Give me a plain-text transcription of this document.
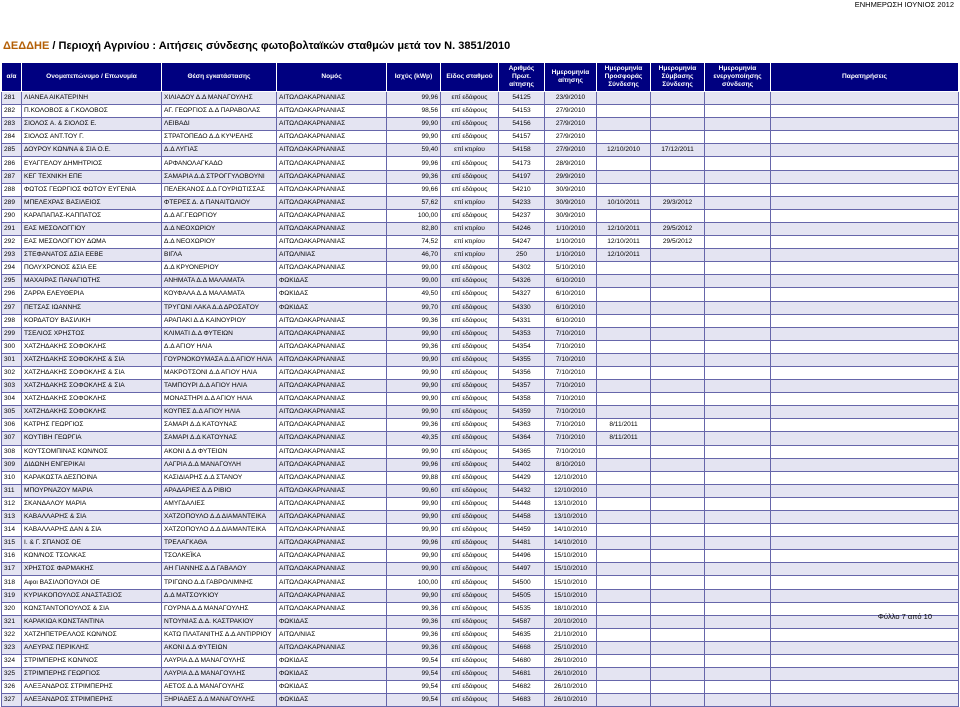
ΕΝΗΜΕΡΩΣΗ ΙΟΥΝΙΟΣ 2012
ΔΕΔΔΗΕ / Περιοχή Αγρινίου : Αιτήσεις σύνδεσης φωτοβολταϊκών σταθμών μετά τον Ν. 3851/2010
α/α	Ονοματεπώνυμο / Επωνυμία	Θέση εγκατάστασης	Νομός	Ισχύς (kWp)	Είδος σταθμού	Αριθμός Πρωτ. αίτησης	Ημερομηνία αίτησης	Ημερομηνία Προσφοράς Σύνδεσης	Ημερομηνία Σύμβασης Σύνδεσης	Ημερομηνία ενεργοποίησης σύνδεσης	Παρατηρήσεις
281	ΛΙΑΝΕΑ ΑΙΚΑΤΕΡΙΝΗ	ΧΙΛΙΑΔΟΥ Δ.Δ ΜΑΝΑΓΟΥΛΗΣ	ΑΙΤΩΛΟΑΚΑΡΝΑΝΙΑΣ	99,96	επί εδάφους	54125	23/9/2010				
282	Π.ΚΟΛΟΒΟΣ & Γ.ΚΟΛΟΒΟΣ	ΑΓ. ΓΕΩΡΓΙΟΣ Δ.Δ ΠΑΡΑΒΟΛΑΣ	ΑΙΤΩΛΟΑΚΑΡΝΑΝΙΑΣ	98,56	επί εδάφους	54153	27/9/2010				
283	ΣΙΟΛΟΣ Α. & ΣΙΟΛΟΣ Ε.	ΛΕΙΒΑΔΙ	ΑΙΤΩΛΟΑΚΑΡΝΑΝΙΑΣ	99,90	επί εδάφους	54156	27/9/2010				
284	ΣΙΟΛΟΣ ΑΝΤ.ΤΟΥ Γ.	ΣΤΡΑΤΟΠΕΔΟ Δ.Δ ΚΥΨΕΛΗΣ	ΑΙΤΩΛΟΑΚΑΡΝΑΝΙΑΣ	99,90	επί εδάφους	54157	27/9/2010				
285	ΔΟΥΡΟΥ ΚΩΝ/ΝΑ & ΣΙΑ Ο.Ε.	Δ.Δ ΛΥΓΙΑΣ	ΑΙΤΩΛΟΑΚΑΡΝΑΝΙΑΣ	59,40	επί κτιρίου	54158	27/9/2010	12/10/2010	17/12/2011		
286	ΕΥΑΓΓΕΛΟΥ ΔΗΜΗΤΡΙΟΣ	ΑΡΦΑΝΟΛΑΓΚΑΔΟ	ΑΙΤΩΛΟΑΚΑΡΝΑΝΙΑΣ	99,96	επί εδάφους	54173	28/9/2010				
287	ΚΕΓ ΤΕΧΝΙΚΗ ΕΠΕ	ΣΑΜΑΡΙΑ Δ.Δ ΣΤΡΟΓΓΥΛΟΒΟΥΝΙ	ΑΙΤΩΛΟΑΚΑΡΝΑΝΙΑΣ	99,36	επί εδάφους	54197	29/9/2010				
288	ΦΩΤΟΣ ΓΕΩΡΓΙΟΣ ΦΩΤΟΥ ΕΥΓΕΝΙΑ	ΠΕΛΕΚΑΝΟΣ Δ.Δ ΓΟΥΡΙΩΤΙΣΣΑΣ	ΑΙΤΩΛΟΑΚΑΡΝΑΝΙΑΣ	99,66	επί εδάφους	54210	30/9/2010				
289	ΜΠΕΛΕΧΡΑΣ ΒΑΣΙΛΕΙΟΣ	ΦΤΕΡΕΣ Δ. Δ ΠΑΝΑΙΤΩΛΙΟΥ	ΑΙΤΩΛΟΑΚΑΡΝΑΝΙΑΣ	57,62	επί κτιρίου	54233	30/9/2010	10/10/2011	29/3/2012		
290	ΚΑΡΑΠΑΠΑΣ-ΚΑΠΠΑΤΟΣ	Δ.Δ ΑΓ.ΓΕΩΡΓΙΟΥ	ΑΙΤΩΛΟΑΚΑΡΝΑΝΙΑΣ	100,00	επί εδάφους	54237	30/9/2010				
291	ΕΑΣ ΜΕΣΟΛΟΓΓΙΟΥ	Δ.Δ ΝΕΟΧΩΡΙΟΥ	ΑΙΤΩΛΟΑΚΑΡΝΑΝΙΑΣ	82,80	επί κτιρίου	54246	1/10/2010	12/10/2011	29/5/2012		
292	ΕΑΣ ΜΕΣΟΛΟΓΓΙΟΥ ΔΩΜΑ	Δ.Δ ΝΕΟΧΩΡΙΟΥ	ΑΙΤΩΛΟΑΚΑΡΝΑΝΙΑΣ	74,52	επί κτιρίου	54247	1/10/2010	12/10/2011	29/5/2012		
293	ΣΤΕΦΑΝΑΤΟΣ ΔΣΙΑ ΕΕΒΕ	ΒΙΓΛΑ	ΑΙΤΩΛ/ΝΙΑΣ	46,70	επί κτιρίου	250	1/10/2010	12/10/2011			
294	ΠΟΛΥΧΡΟΝΟΣ &ΣΙΑ ΕΕ	Δ.Δ ΚΡΥΟΝΕΡΙΟΥ	ΑΙΤΩΛΟΑΚΑΡΝΑΝΙΑΣ	99,00	επί εδάφους	54302	5/10/2010				
295	ΜΑΧΑΙΡΑΣ ΠΑΝΑΓΙΩΤΗΣ	ΑΝΗΜΑΤΑ Δ.Δ ΜΑΛΑΜΑΤΑ	ΦΩΚΙΔΑΣ	99,00	επί εδάφους	54326	6/10/2010				
296	ΖΑΡΡΑ ΕΛΕΥΘΕΡΙΑ	ΚΟΥΦΑΛΑ Δ.Δ ΜΑΛΑΜΑΤΑ	ΦΩΚΙΔΑΣ	49,50	επί εδάφους	54327	6/10/2010				
297	ΠΕΤΣΑΣ ΙΩΑΝΝΗΣ	ΤΡΥΓΩΝΙ ΛΑΚΑ Δ.Δ ΔΡΟΣΑΤΟΥ	ΦΩΚΙΔΑΣ	99,70	επί εδάφους	54330	6/10/2010				
298	ΚΟΡΔΑΤΟΥ ΒΑΣΙΛΙΚΗ	ΑΡΑΠΑΚΙ Δ.Δ ΚΑΙΝΟΥΡΙΟΥ	ΑΙΤΩΛΟΑΚΑΡΝΑΝΙΑΣ	99,36	επί εδάφους	54331	6/10/2010				
299	ΤΣΕΛΙΟΣ ΧΡΗΣΤΟΣ	ΚΛΙΜΑΤΙ Δ.Δ ΦΥΤΕΙΩΝ	ΑΙΤΩΛΟΑΚΑΡΝΑΝΙΑΣ	99,90	επί εδάφους	54353	7/10/2010				
300	ΧΑΤΖΗΔΑΚΗΣ ΣΟΦΟΚΛΗΣ	Δ.Δ ΑΓΙΟΥ ΗΛΙΑ	ΑΙΤΩΛΟΑΚΑΡΝΑΝΙΑΣ	99,36	επί εδάφους	54354	7/10/2010				
301	ΧΑΤΖΗΔΑΚΗΣ ΣΟΦΟΚΛΗΣ & ΣΙΑ	ΓΟΥΡΝΟΚΟΥΜΑΣΑ Δ.Δ ΑΓΙΟΥ ΗΛΙΑ	ΑΙΤΩΛΟΑΚΑΡΝΑΝΙΑΣ	99,90	επί εδάφους	54355	7/10/2010				
302	ΧΑΤΖΗΔΑΚΗΣ ΣΟΦΟΚΛΗΣ & ΣΙΑ	ΜΑΚΡΟΤΣΟΝΙ Δ.Δ ΑΓΙΟΥ ΗΛΙΑ	ΑΙΤΩΛΟΑΚΑΡΝΑΝΙΑΣ	99,90	επί εδάφους	54356	7/10/2010				
303	ΧΑΤΖΗΔΑΚΗΣ ΣΟΦΟΚΛΗΣ & ΣΙΑ	ΤΑΜΠΟΥΡΙ Δ.Δ ΑΓΙΟΥ ΗΛΙΑ	ΑΙΤΩΛΟΑΚΑΡΝΑΝΙΑΣ	99,90	επί εδάφους	54357	7/10/2010				
304	ΧΑΤΖΗΔΑΚΗΣ ΣΟΦΟΚΛΗΣ	ΜΟΝΑΣΤΗΡΙ Δ.Δ ΑΓΙΟΥ ΗΛΙΑ	ΑΙΤΩΛΟΑΚΑΡΝΑΝΙΑΣ	99,90	επί εδάφους	54358	7/10/2010				
305	ΧΑΤΖΗΔΑΚΗΣ ΣΟΦΟΚΛΗΣ	ΚΟΥΠΕΣ Δ.Δ ΑΓΙΟΥ ΗΛΙΑ	ΑΙΤΩΛΟΑΚΑΡΝΑΝΙΑΣ	99,90	επί εδάφους	54359	7/10/2010				
306	ΚΑΤΡΗΣ ΓΕΩΡΓΙΟΣ	ΣΑΜΑΡΙ Δ.Δ ΚΑΤΟΥΝΑΣ	ΑΙΤΩΛΟΑΚΑΡΝΑΝΙΑΣ	99,36	επί εδάφους	54363	7/10/2010	8/11/2011			
307	ΚΟΥΤΙΒΗ ΓΕΩΡΓΙΑ	ΣΑΜΑΡΙ Δ.Δ ΚΑΤΟΥΝΑΣ	ΑΙΤΩΛΟΑΚΑΡΝΑΝΙΑΣ	49,35	επί εδάφους	54364	7/10/2010	8/11/2011			
308	ΚΟΥΤΣΟΜΠΙΝΑΣ ΚΩΝ/ΝΟΣ	ΑΚΟΝΙ Δ.Δ ΦΥΤΕΙΩΝ	ΑΙΤΩΛΟΑΚΑΡΝΑΝΙΑΣ	99,90	επί εδάφους	54365	7/10/2010				
309	ΔΙΔΩΝΗ ΕΝΓΕΡΙΚΑΙ	ΛΑΓΡΙΑ Δ.Δ ΜΑΝΑΓΟΥΛΗ	ΑΙΤΩΛΟΑΚΑΡΝΑΝΙΑΣ	99,96	επί εδάφους	54402	8/10/2010				
310	ΚΑΡΑΚΩΣΤΑ ΔΕΣΠΟΙΝΑ	ΚΑΣΙΔΙΑΡΗΣ Δ.Δ ΣΤΑΝΟΥ	ΑΙΤΩΛΟΑΚΑΡΝΑΝΙΑΣ	99,88	επί εδάφους	54429	12/10/2010				
311	ΜΠΟΥΡΝΑΖΟΥ ΜΑΡΙΑ	ΑΡΑΔΑΡΙΕΣ Δ.Δ ΡΙΒΙΟ	ΑΙΤΩΛΟΑΚΑΡΝΑΝΙΑΣ	99,60	επί εδάφους	54432	12/10/2010				
312	ΣΚΑΝΔΑΛΟΥ ΜΑΡΙΑ	ΑΜΥΓΔΑΛΙΕΣ	ΑΙΤΩΛΟΑΚΑΡΝΑΝΙΑΣ	99,90	επί εδάφους	54448	13/10/2010				
313	ΚΑΒΑΛΛΑΡΗΣ & ΣΙΑ	ΧΑΤΖΟΠΟΥΛΟ Δ.Δ ΔΙΑΜΑΝΤΕΙΚΑ	ΑΙΤΩΛΟΑΚΑΡΝΑΝΙΑΣ	99,90	επί εδάφους	54458	13/10/2010				
314	ΚΑΒΑΛΛΑΡΗΣ ΔΑΝ & ΣΙΑ	ΧΑΤΖΟΠΟΥΛΟ Δ.Δ ΔΙΑΜΑΝΤΕΙΚΑ	ΑΙΤΩΛΟΑΚΑΡΝΑΝΙΑΣ	99,90	επί εδάφους	54459	14/10/2010				
315	Ι. & Γ. ΣΠΑΝΟΣ ΟΕ	ΤΡΕΛΑΓΚΑΘΑ	ΑΙΤΩΛΟΑΚΑΡΝΑΝΙΑΣ	99,96	επί εδάφους	54481	14/10/2010				
316	ΚΩΝ/ΝΟΣ ΤΣΟΛΚΑΣ	ΤΣΟΛΚΕΪΚΑ	ΑΙΤΩΛΟΑΚΑΡΝΑΝΙΑΣ	99,90	επί εδάφους	54496	15/10/2010				
317	ΧΡΗΣΤΟΣ ΦΑΡΜΑΚΗΣ	ΑΗ ΓΙΑΝΝΗΣ Δ.Δ ΓΑΒΑΛΟΥ	ΑΙΤΩΛΟΑΚΑΡΝΑΝΙΑΣ	99,90	επί εδάφους	54497	15/10/2010				
318	Αφοι ΒΑΣΙΛΟΠΟΥΛΟΙ ΟΕ	ΤΡΙΓΩΝΟ Δ.Δ ΓΑΒΡΟΛΙΜΝΗΣ	ΑΙΤΩΛΟΑΚΑΡΝΑΝΙΑΣ	100,00	επί εδάφους	54500	15/10/2010				
319	ΚΥΡΙΑΚΟΠΟΥΛΟΣ ΑΝΑΣΤΑΣΙΟΣ	Δ.Δ ΜΑΤΣΟΥΚΙΟΥ	ΑΙΤΩΛΟΑΚΑΡΝΑΝΙΑΣ	99,90	επί εδάφους	54505	15/10/2010				
320	ΚΩΝΣΤΑΝΤΟΠΟΥΛΟΣ & ΣΙΑ	ΓΟΥΡΝΑ Δ.Δ ΜΑΝΑΓΟΥΛΗΣ	ΑΙΤΩΛΟΑΚΑΡΝΑΝΙΑΣ	99,36	επί εδάφους	54535	18/10/2010				
321	ΚΑΡΑΚΙΩΑ ΚΩΝΣΤΑΝΤΙΝΑ	ΝΤΟΥΝΙΑΣ Δ.Δ. ΚΑΣΤΡΑΚΙΟΥ	ΦΩΚΙΔΑΣ	99,36	επί εδάφους	54587	20/10/2010				
322	ΧΑΤΖΗΠΕΤΡΕΛΛΟΣ ΚΩΝ/ΝΟΣ	ΚΑΤΩ ΠΛΑΤΑΝΙΤΗΣ Δ.Δ ΑΝΤΙΡΡΙΟΥ	ΑΙΤΩΛ/ΝΙΑΣ	99,36	επί εδάφους	54635	21/10/2010				
323	ΑΛΕΥΡΑΣ ΠΕΡΙΚΛΗΣ	ΑΚΟΝΙ Δ.Δ ΦΥΤΕΙΩΝ	ΑΙΤΩΛΟΑΚΑΡΝΑΝΙΑΣ	99,36	επί εδάφους	54668	25/10/2010				
324	ΣΤΡΙΜΠΕΡΗΣ ΚΩΝ/ΝΟΣ	ΛΑΥΡΙΑ Δ.Δ ΜΑΝΑΓΟΥΛΗΣ	ΦΩΚΙΔΑΣ	99,54	επί εδάφους	54680	26/10/2010				
325	ΣΤΡΙΜΠΕΡΗΣ ΓΕΩΡΓΙΟΣ	ΛΑΥΡΙΑ Δ.Δ ΜΑΝΑΓΟΥΛΗΣ	ΦΩΚΙΔΑΣ	99,54	επί εδάφους	54681	26/10/2010				
326	ΑΛΕΞΑΝΔΡΟΣ ΣΤΡΙΜΠΕΡΗΣ	ΑΕΤΟΣ Δ.Δ ΜΑΝΑΓΟΥΛΗΣ	ΦΩΚΙΔΑΣ	99,54	επί εδάφους	54682	26/10/2010				
327	ΑΛΕΞΑΝΔΡΟΣ ΣΤΡΙΜΠΕΡΗΣ	ΞΗΡΙΑΔΕΣ Δ.Δ ΜΑΝΑΓΟΥΛΗΣ	ΦΩΚΙΔΑΣ	99,54	επί εδάφους	54683	26/10/2010				
Φύλλο 7 από 10
